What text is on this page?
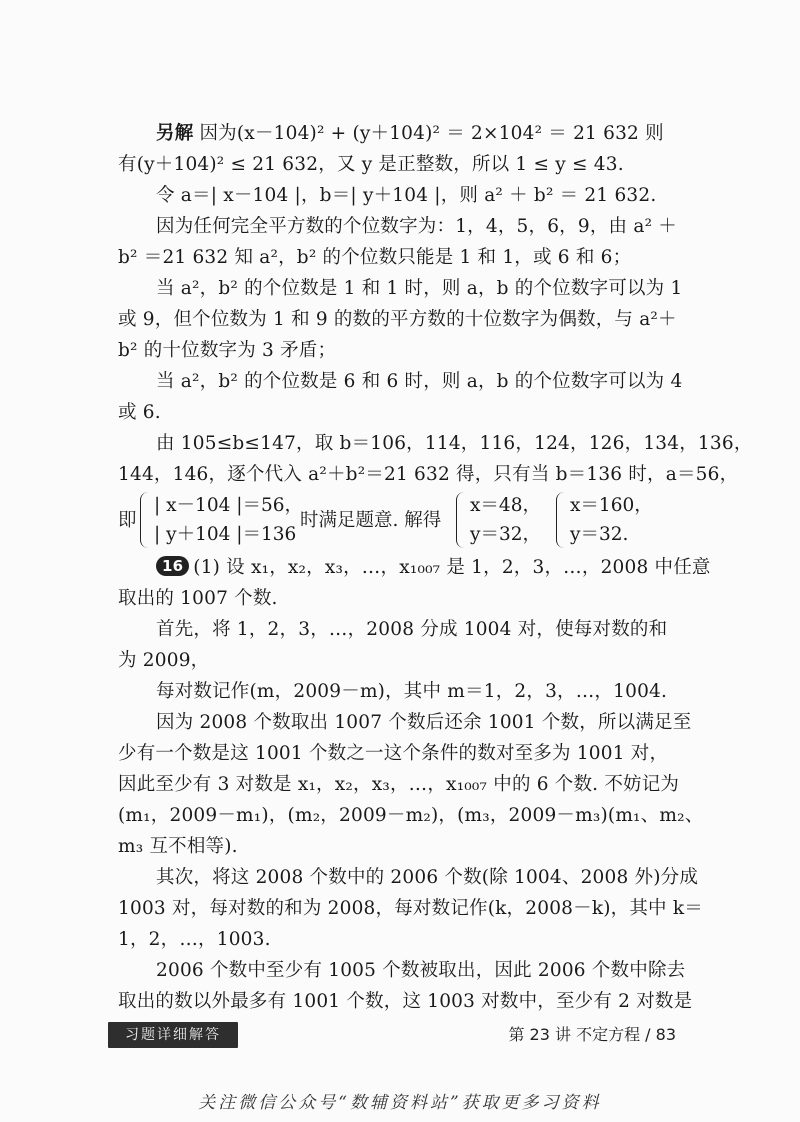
另解 因为(x－104)² + (y＋104)² ＝ 2×104² ＝ 21 632 则
有(y＋104)² ≤ 21 632，又 y 是正整数，所以 1 ≤ y ≤ 43.
令 a＝| x－104 |，b＝| y＋104 |，则 a² ＋ b² ＝ 21 632.
因为任何完全平方数的个位数字为：1，4，5，6，9，由 a² ＋
b² ＝21 632 知 a²，b² 的个位数只能是 1 和 1，或 6 和 6；
当 a²，b² 的个位数是 1 和 1 时，则 a，b 的个位数字可以为 1
或 9，但个位数为 1 和 9 的数的平方数的十位数字为偶数，与 a²＋
b² 的十位数字为 3 矛盾；
当 a²，b² 的个位数是 6 和 6 时，则 a，b 的个位数字可以为 4
或 6.
由 105≤b≤147，取 b＝106，114，116，124，126，134，136，
144，146，逐个代入 a²＋b²＝21 632 得，只有当 b＝136 时，a＝56，
即
| x－104 |＝56，
| y＋104 |＝136
时满足题意. 解得
x＝48，
y＝32，
x＝160，
y＝32.
16 (1) 设 x₁，x₂，x₃，…，x₁₀₀₇ 是 1，2，3，…，2008 中任意
取出的 1007 个数.
首先，将 1，2，3，…，2008 分成 1004 对，使每对数的和
为 2009，
每对数记作(m，2009－m)，其中 m＝1，2，3，…，1004.
因为 2008 个数取出 1007 个数后还余 1001 个数，所以满足至
少有一个数是这 1001 个数之一这个条件的数对至多为 1001 对，
因此至少有 3 对数是 x₁，x₂，x₃，…，x₁₀₀₇ 中的 6 个数. 不妨记为
(m₁，2009－m₁)，(m₂，2009－m₂)，(m₃，2009－m₃)(m₁、m₂、
m₃ 互不相等).
其次，将这 2008 个数中的 2006 个数(除 1004、2008 外)分成
1003 对，每对数的和为 2008，每对数记作(k，2008－k)，其中 k＝
1，2，…，1003.
2006 个数中至少有 1005 个数被取出，因此 2006 个数中除去
取出的数以外最多有 1001 个数，这 1003 对数中，至少有 2 对数是
习题详细解答	第 23 讲 不定方程 / 83
关注微信公众号“数辅资料站”获取更多习资料
